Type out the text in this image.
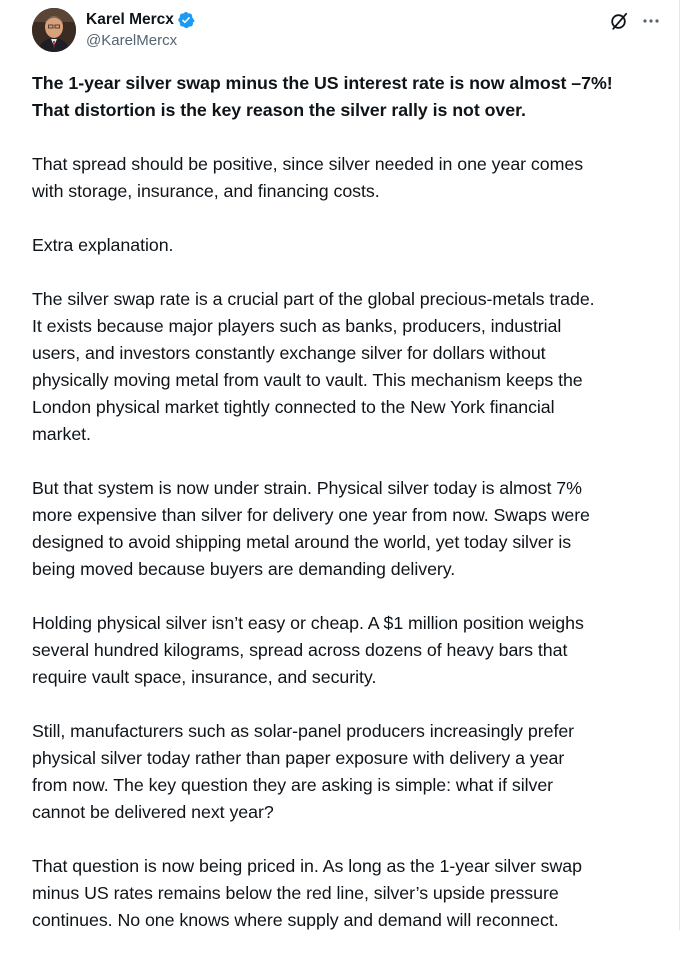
Karel Mercx
@KarelMercx

The 1-year silver swap minus the US interest rate is now almost –7%!
That distortion is the key reason the silver rally is not over.

That spread should be positive, since silver needed in one year comes
with storage, insurance, and financing costs.

Extra explanation.

The silver swap rate is a crucial part of the global precious-metals trade.
It exists because major players such as banks, producers, industrial
users, and investors constantly exchange silver for dollars without
physically moving metal from vault to vault. This mechanism keeps the
London physical market tightly connected to the New York financial
market.

But that system is now under strain. Physical silver today is almost 7%
more expensive than silver for delivery one year from now. Swaps were
designed to avoid shipping metal around the world, yet today silver is
being moved because buyers are demanding delivery.

Holding physical silver isn’t easy or cheap. A $1 million position weighs
several hundred kilograms, spread across dozens of heavy bars that
require vault space, insurance, and security.

Still, manufacturers such as solar-panel producers increasingly prefer
physical silver today rather than paper exposure with delivery a year
from now. The key question they are asking is simple: what if silver
cannot be delivered next year?

That question is now being priced in. As long as the 1-year silver swap
minus US rates remains below the red line, silver’s upside pressure
continues. No one knows where supply and demand will reconnect.
